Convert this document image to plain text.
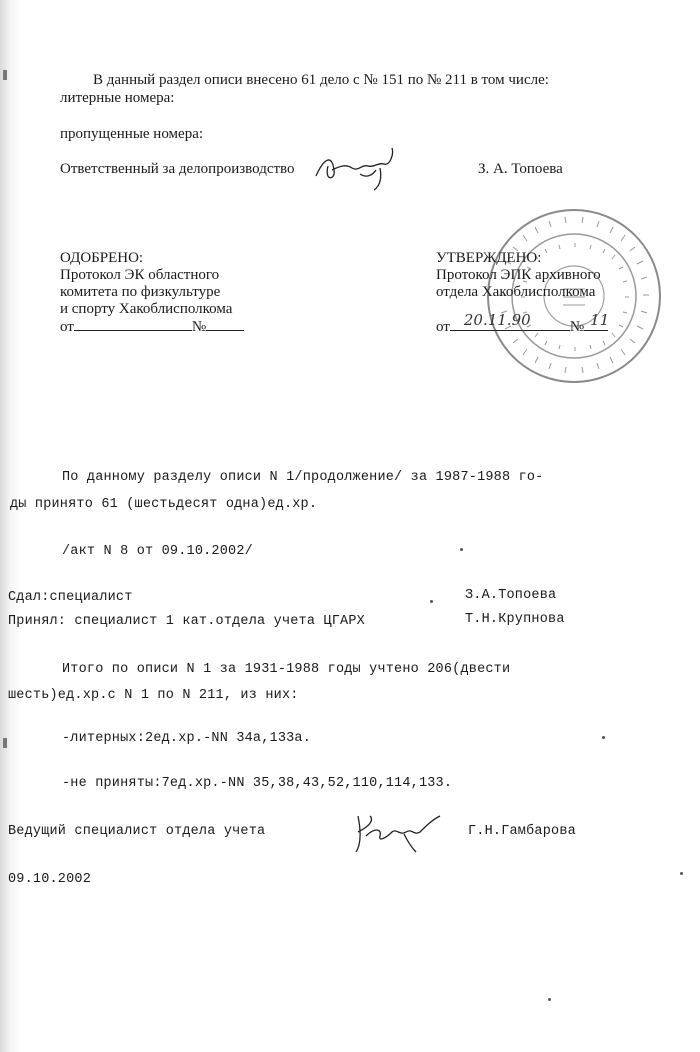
В данный раздел описи внесено 61 дело с № 151 по № 211 в том числе:
литерные номера:
пропущенные номера:
Ответственный за делопроизводство	З. А. Топоева
ОДОБРЕНО:
Протокол ЭК областного
комитета по физкультуре
и спорту Хакоблисполкома
от	№
УТВЕРЖДЕНО:
Протокол ЭПК архивного
отдела Хакоблисполкома
от 20.11.90	№ 11
По данному разделу описи N 1/продолжение/ за 1987-1988 го-
ды принято 61 (шестьдесят одна)ед.хр.
/акт N 8 от 09.10.2002/
Сдал:специалист	З.А.Топоева
Принял: специалист 1 кат.отдела учета ЦГАРХ	Т.Н.Крупнова
Итого по описи N 1 за 1931-1988 годы учтено 206(двести
шесть)ед.хр.с N 1 по N 211, из них:
-литерных:2ед.хр.-NN 34а,133а.
-не приняты:7ед.хр.-NN 35,38,43,52,110,114,133.
Ведущий специалист отдела учета	Г.Н.Гамбарова
09.10.2002
